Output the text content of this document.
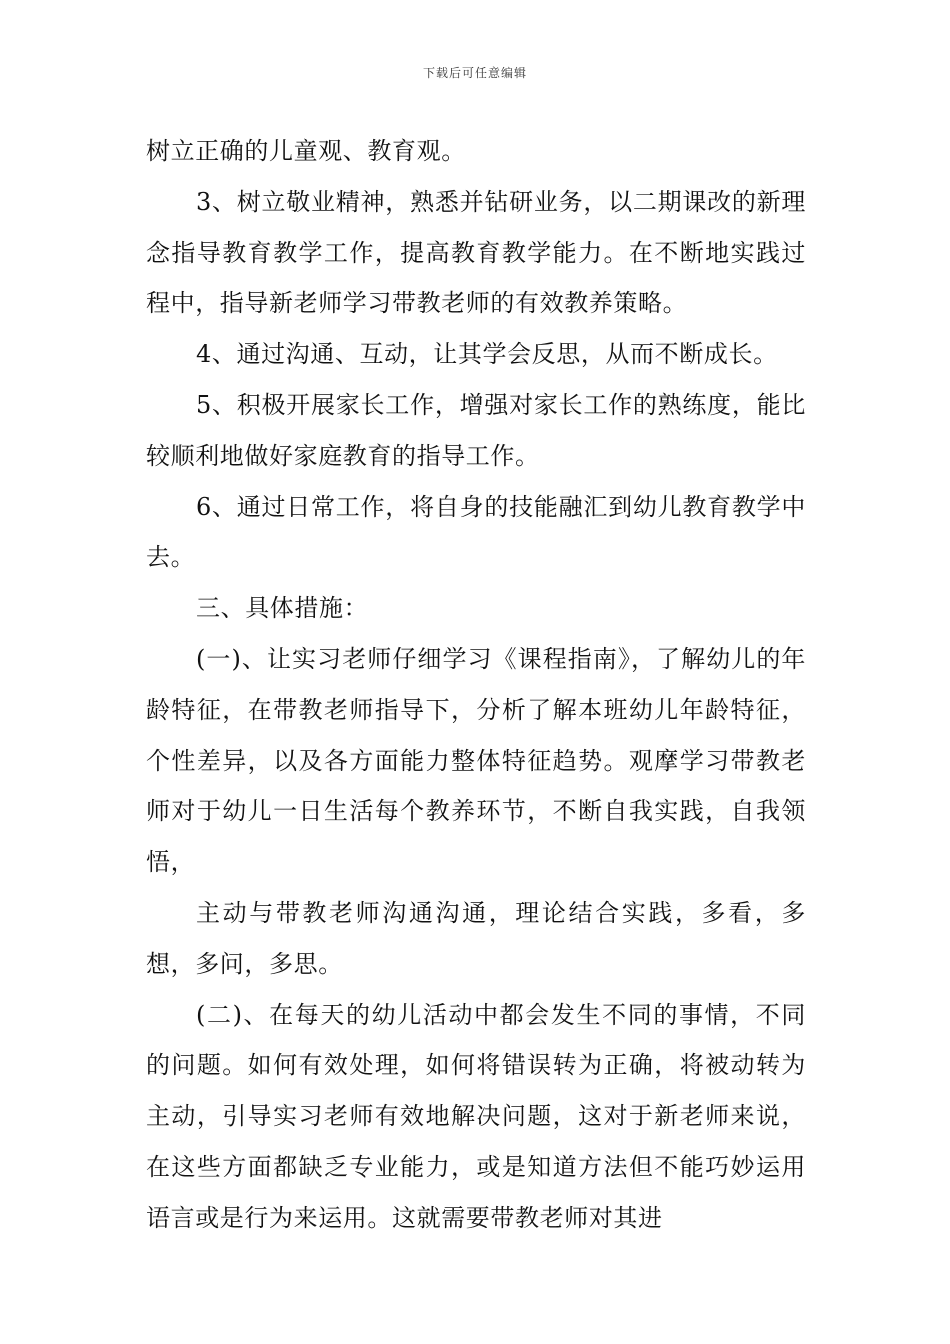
下载后可任意编辑

树立正确的儿童观、教育观。

3、树立敬业精神，熟悉并钻研业务，以二期课改的新理念指导教育教学工作，提高教育教学能力。在不断地实践过程中，指导新老师学习带教老师的有效教养策略。

4、通过沟通、互动，让其学会反思，从而不断成长。

5、积极开展家长工作，增强对家长工作的熟练度，能比较顺利地做好家庭教育的指导工作。

6、通过日常工作，将自身的技能融汇到幼儿教育教学中去。

三、具体措施：

(一)、让实习老师仔细学习《课程指南》，了解幼儿的年龄特征，在带教老师指导下，分析了解本班幼儿年龄特征，个性差异，以及各方面能力整体特征趋势。观摩学习带教老师对于幼儿一日生活每个教养环节，不断自我实践，自我领悟，

主动与带教老师沟通沟通，理论结合实践，多看，多想，多问，多思。

(二)、在每天的幼儿活动中都会发生不同的事情，不同的问题。如何有效处理，如何将错误转为正确，将被动转为主动，引导实习老师有效地解决问题，这对于新老师来说，在这些方面都缺乏专业能力，或是知道方法但不能巧妙运用语言或是行为来运用。这就需要带教老师对其进
